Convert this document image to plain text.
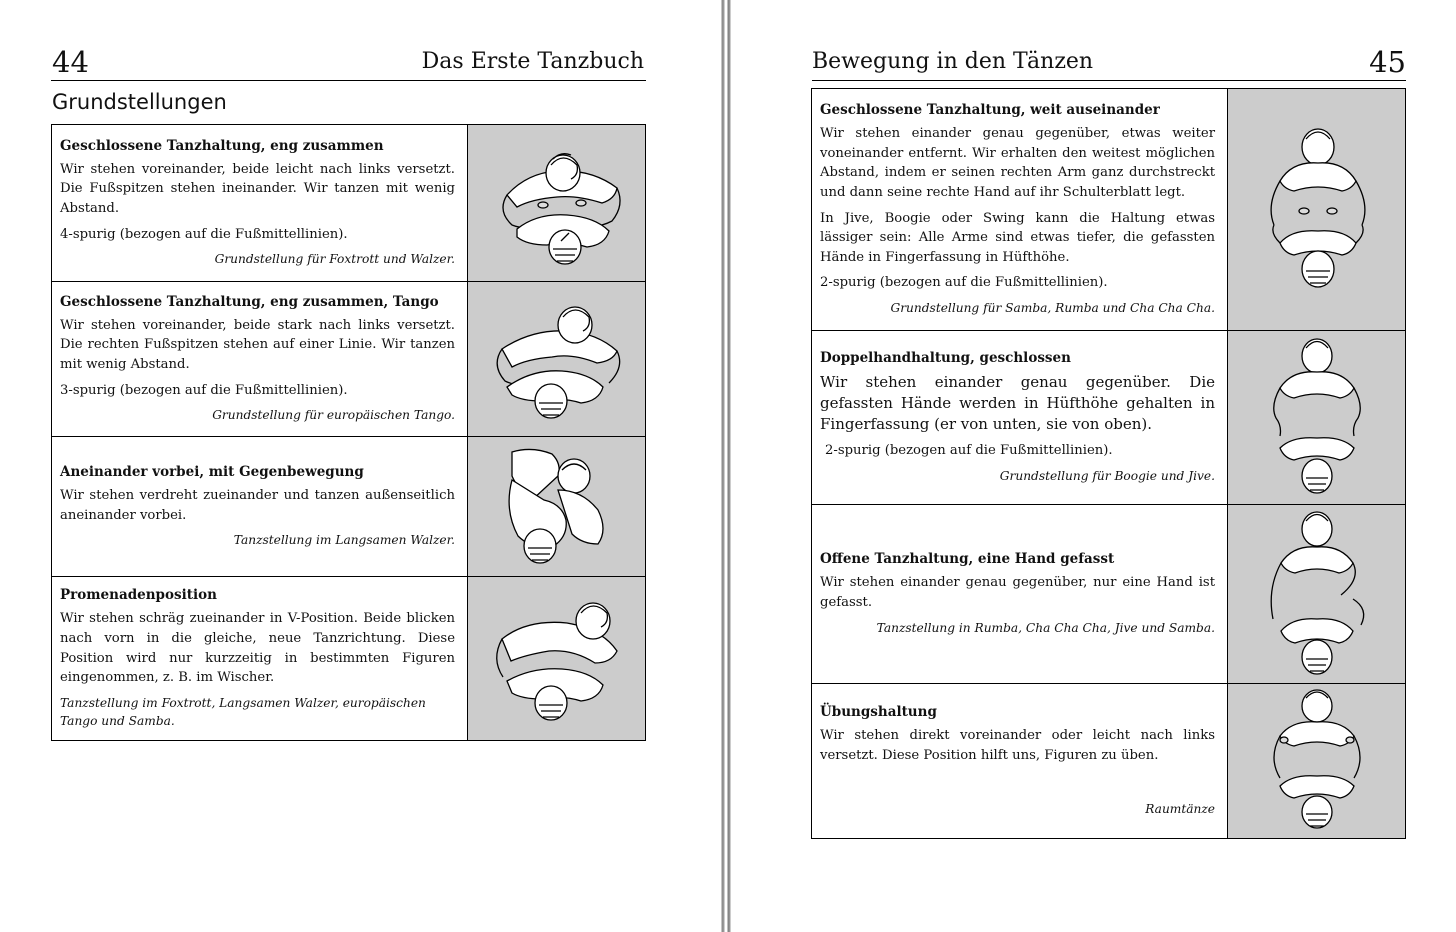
44	Das Erste Tanzbuch
Grundstellungen

Geschlossene Tanzhaltung, eng zusammen

Wir stehen voreinander, beide leicht nach links versetzt. Die Fußspitzen stehen ineinander. Wir tanzen mit wenig Abstand.

4-spurig (bezogen auf die Fußmittellinien).

Grundstellung für Foxtrott und Walzer.

Geschlossene Tanzhaltung, eng zusammen, Tango

Wir stehen voreinander, beide stark nach links versetzt. Die rechten Fußspitzen stehen auf einer Linie. Wir tanzen mit wenig Abstand.

3-spurig (bezogen auf die Fußmittellinien).

Grundstellung für europäischen Tango.

Aneinander vorbei, mit Gegenbewegung

Wir stehen verdreht zueinander und tanzen außenseitlich aneinander vorbei.

Tanzstellung im Langsamen Walzer.

Promenadenposition

Wir stehen schräg zueinander in V-Position. Beide blicken nach vorn in die gleiche, neue Tanzrichtung. Diese Position wird nur kurzzeitig in bestimmten Figuren eingenommen, z. B. im Wischer.

Tanzstellung im Foxtrott, Langsamen Walzer, europäischen Tango und Samba.

Bewegung in den Tänzen	45

Geschlossene Tanzhaltung, weit auseinander

Wir stehen einander genau gegenüber, etwas weiter voneinander entfernt. Wir erhalten den weitest möglichen Abstand, indem er seinen rechten Arm ganz durchstreckt und dann seine rechte Hand auf ihr Schulterblatt legt.

In Jive, Boogie oder Swing kann die Haltung etwas lässiger sein: Alle Arme sind etwas tiefer, die gefassten Hände in Fingerfassung in Hüfthöhe.

2-spurig (bezogen auf die Fußmittellinien).

Grundstellung für Samba, Rumba und Cha Cha Cha.

Doppelhandhaltung, geschlossen

Wir stehen einander genau gegenüber. Die gefassten Hände werden in Hüfthöhe gehalten in Fingerfassung (er von unten, sie von oben).

2-spurig (bezogen auf die Fußmittellinien).

Grundstellung für Boogie und Jive.

Offene Tanzhaltung, eine Hand gefasst

Wir stehen einander genau gegenüber, nur eine Hand ist gefasst.

Tanzstellung in Rumba, Cha Cha Cha, Jive und Samba.

Übungshaltung

Wir stehen direkt voreinander oder leicht nach links versetzt. Diese Position hilft uns, Figuren zu üben.

Raumtänze
